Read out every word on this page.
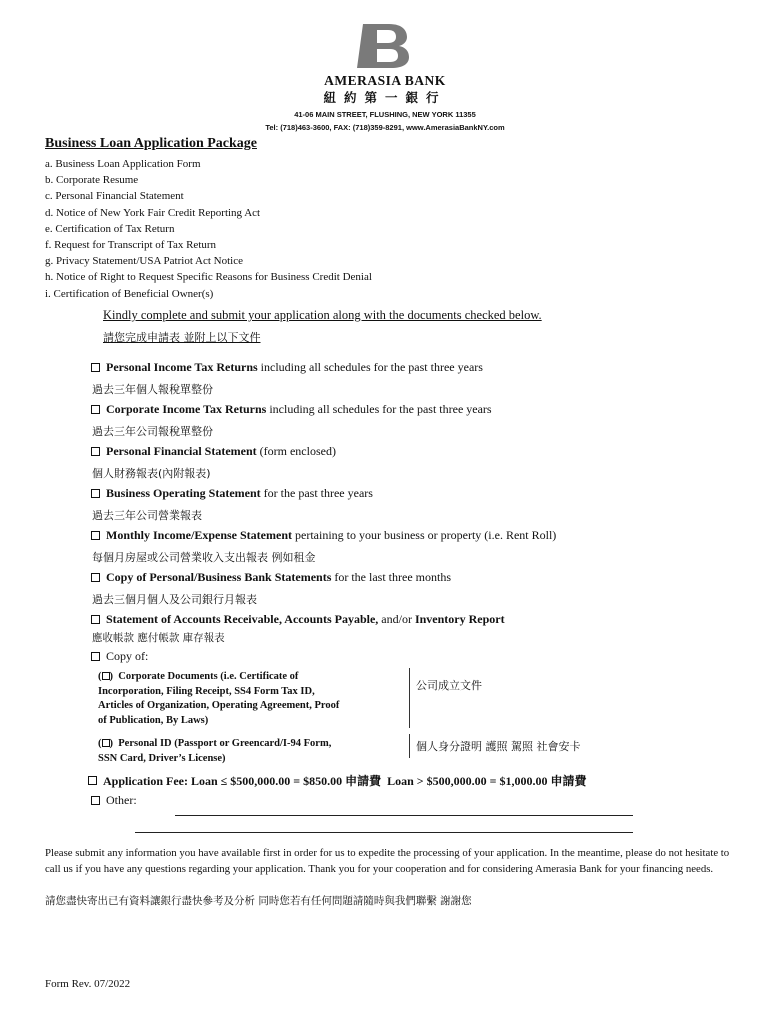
AMERASIA BANK
紐約第一銀行
41-06 MAIN STREET, FLUSHING, NEW YORK 11355
Tel: (718)463-3600, FAX: (718)359-8291, www.AmerasiaBankNY.com
Business Loan Application Package
a. Business Loan Application Form
b. Corporate Resume
c. Personal Financial Statement
d. Notice of New York Fair Credit Reporting Act
e. Certification of Tax Return
f. Request for Transcript of Tax Return
g. Privacy Statement/USA Patriot Act Notice
h. Notice of Right to Request Specific Reasons for Business Credit Denial
i. Certification of Beneficial Owner(s)
Kindly complete and submit your application along with the documents checked below.
請您完成申請表 並附上以下文件
Personal Income Tax Returns including all schedules for the past three years
過去三年個人報稅單整份
Corporate Income Tax Returns including all schedules for the past three years
過去三年公司報稅單整份
Personal Financial Statement (form enclosed)
個人財務報表(內附報表)
Business Operating Statement for the past three years
過去三年公司營業報表
Monthly Income/Expense Statement pertaining to your business or property (i.e. Rent Roll)
每個月房屋或公司營業收入支出報表 例如租金
Copy of Personal/Business Bank Statements for the last three months
過去三個月個人及公司銀行月報表
Statement of Accounts Receivable, Accounts Payable, and/or Inventory Report
應收帳款 應付帳款 庫存報表
Copy of:
( )  Corporate Documents (i.e. Certificate of
Incorporation, Filing Receipt, SS4 Form Tax ID,
Articles of Organization, Operating Agreement, Proof
of Publication, By Laws)
公司成立文件
( )  Personal ID (Passport or Greencard/I-94 Form,
SSN Card, Driver’s License)
個人身分證明 護照 駕照 社會安卡
Application Fee: Loan ≤ $500,000.00 = $850.00 申請費  Loan > $500,000.00 = $1,000.00 申請費
Other:
Please submit any information you have available first in order for us to expedite the processing of your application. In the meantime, please do not hesitate to call us if you have any questions regarding your application. Thank you for your cooperation and for considering Amerasia Bank for your financing needs.
請您盡快寄出已有資料讓銀行盡快參考及分析 同時您若有任何問題請隨時與我們聯繫 謝謝您
Form Rev. 07/2022
